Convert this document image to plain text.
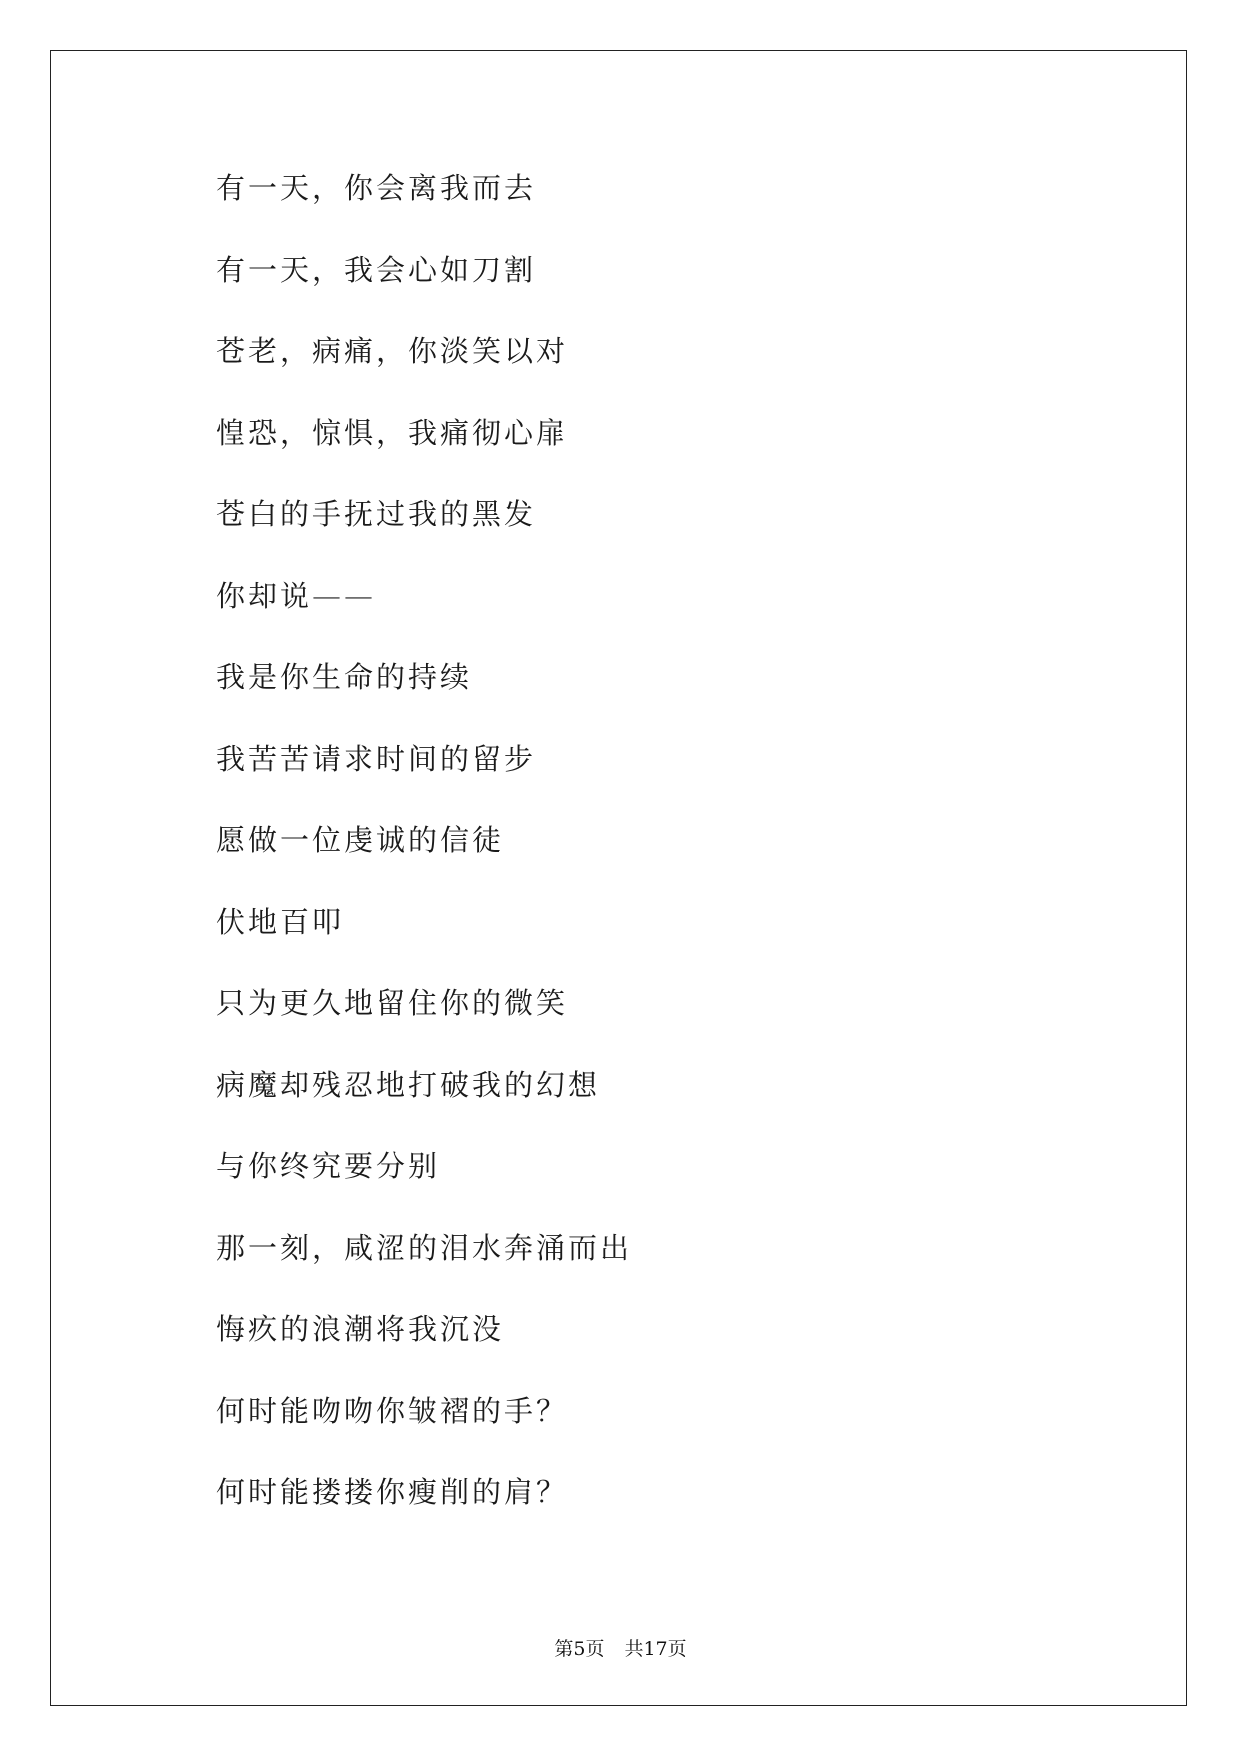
有一天，你会离我而去
有一天，我会心如刀割
苍老，病痛，你淡笑以对
惶恐，惊惧，我痛彻心扉
苍白的手抚过我的黑发
你却说——
我是你生命的持续
我苦苦请求时间的留步
愿做一位虔诚的信徒
伏地百叩
只为更久地留住你的微笑
病魔却残忍地打破我的幻想
与你终究要分别
那一刻，咸涩的泪水奔涌而出
悔疚的浪潮将我沉没
何时能吻吻你皱褶的手？
何时能搂搂你瘦削的肩？
第5页 共17页
